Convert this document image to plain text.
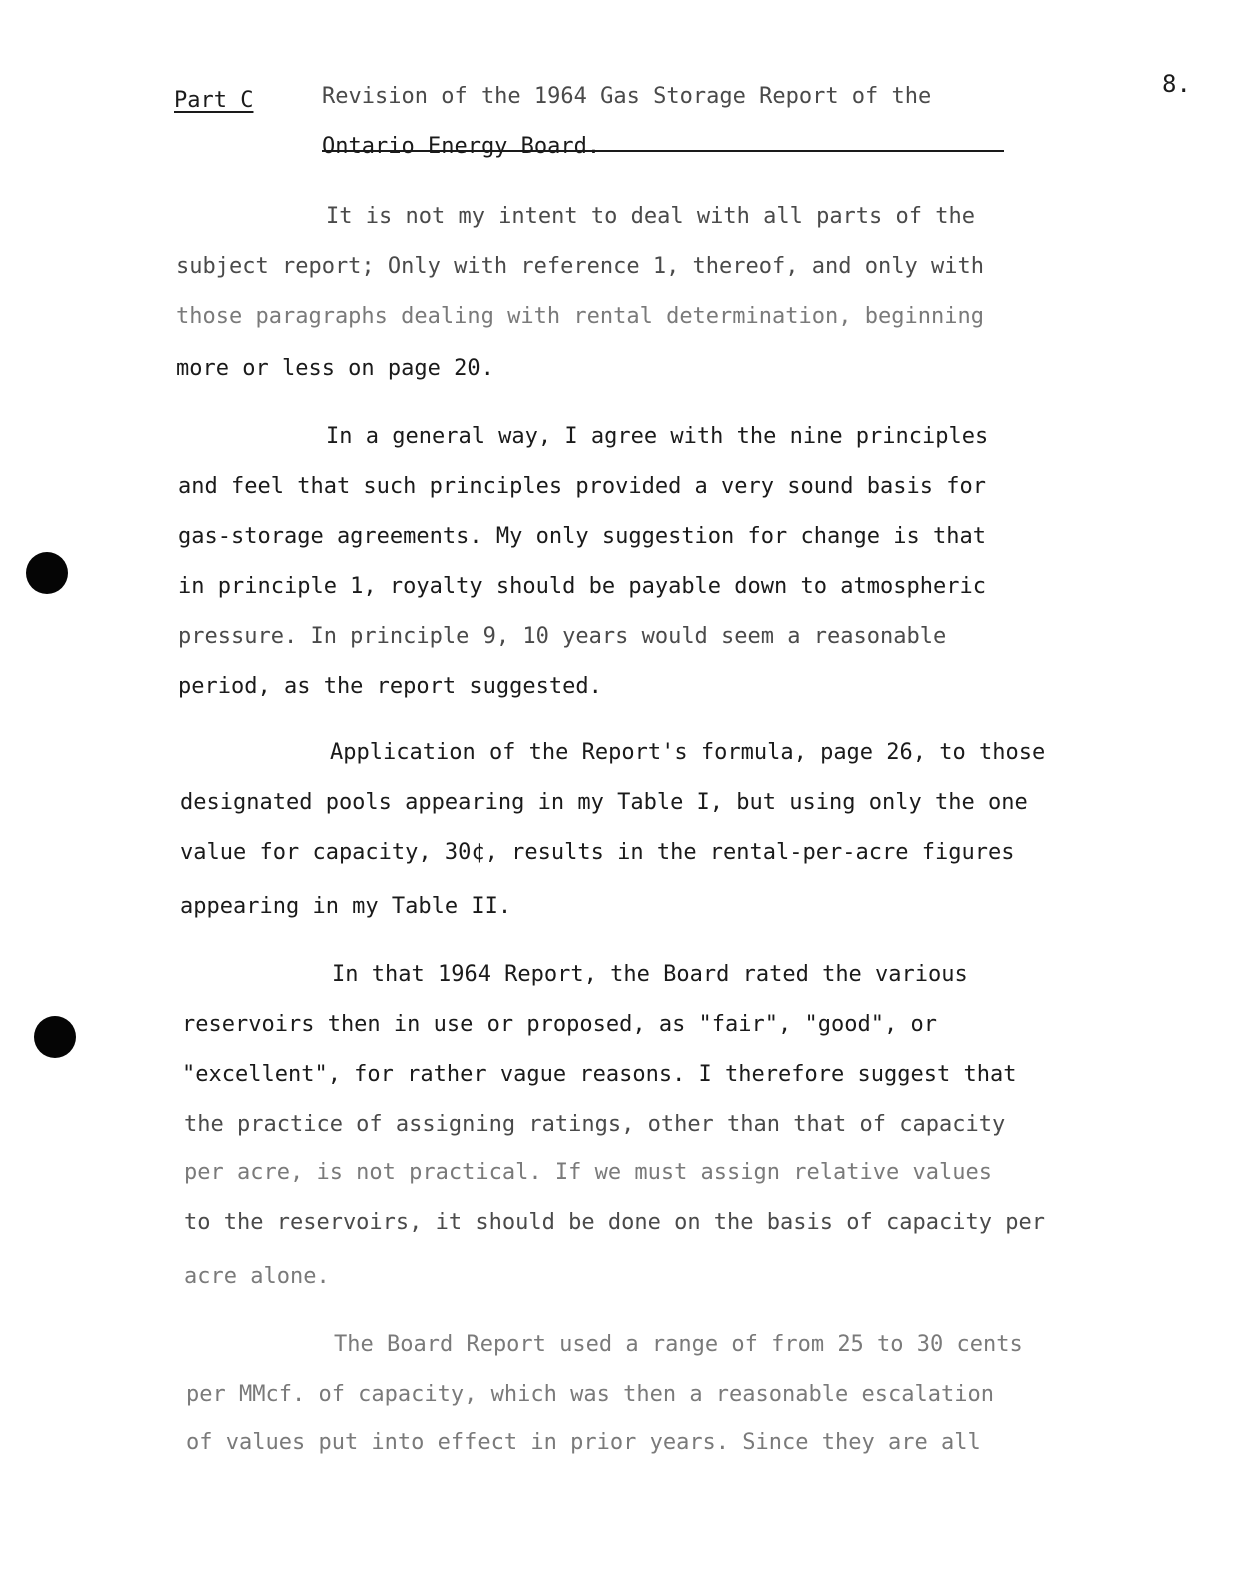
8.
Part C	Revision of the 1964 Gas Storage Report of the
Ontario Energy Board.
It is not my intent to deal with all parts of the
subject report; Only with reference 1, thereof, and only with
those paragraphs dealing with rental determination, beginning
more or less on page 20.
In a general way, I agree with the nine principles
and feel that such principles provided a very sound basis for
gas-storage agreements. My only suggestion for change is that
in principle 1, royalty should be payable down to atmospheric
pressure. In principle 9, 10 years would seem a reasonable
period, as the report suggested.
Application of the Report's formula, page 26, to those
designated pools appearing in my Table I, but using only the one
value for capacity, 30¢, results in the rental-per-acre figures
appearing in my Table II.
In that 1964 Report, the Board rated the various
reservoirs then in use or proposed, as "fair", "good", or
"excellent", for rather vague reasons. I therefore suggest that
the practice of assigning ratings, other than that of capacity
per acre, is not practical. If we must assign relative values
to the reservoirs, it should be done on the basis of capacity per
acre alone.
The Board Report used a range of from 25 to 30 cents
per MMcf. of capacity, which was then a reasonable escalation
of values put into effect in prior years. Since they are all
